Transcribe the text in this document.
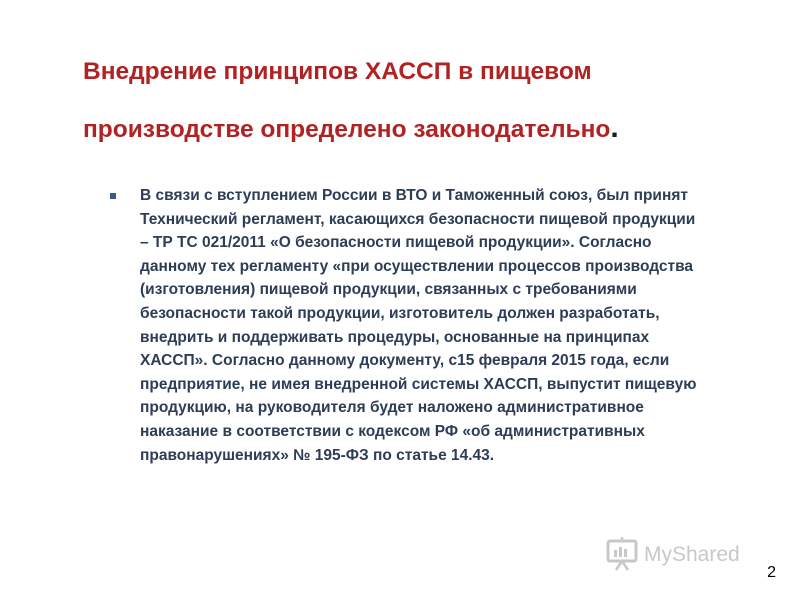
Внедрение принципов ХАССП в пищевом
производстве определено законодательно.

В связи с вступлением России в ВТО и Таможенный союз, был принят
Технический регламент, касающихся безопасности пищевой продукции
– ТР ТС 021/2011 «О безопасности пищевой продукции». Согласно
данному тех регламенту «при осуществлении процессов производства
(изготовления) пищевой продукции, связанных с требованиями
безопасности такой продукции, изготовитель должен разработать,
внедрить и поддерживать процедуры, основанные на принципах
ХАССП». Согласно данному документу, с15 февраля 2015 года, если
предприятие, не имея внедренной системы ХАССП, выпустит пищевую
продукцию, на руководителя будет наложено административное
наказание в соответствии с кодексом РФ «об административных
правонарушениях» № 195-ФЗ по статье 14.43.

MyShared
2
